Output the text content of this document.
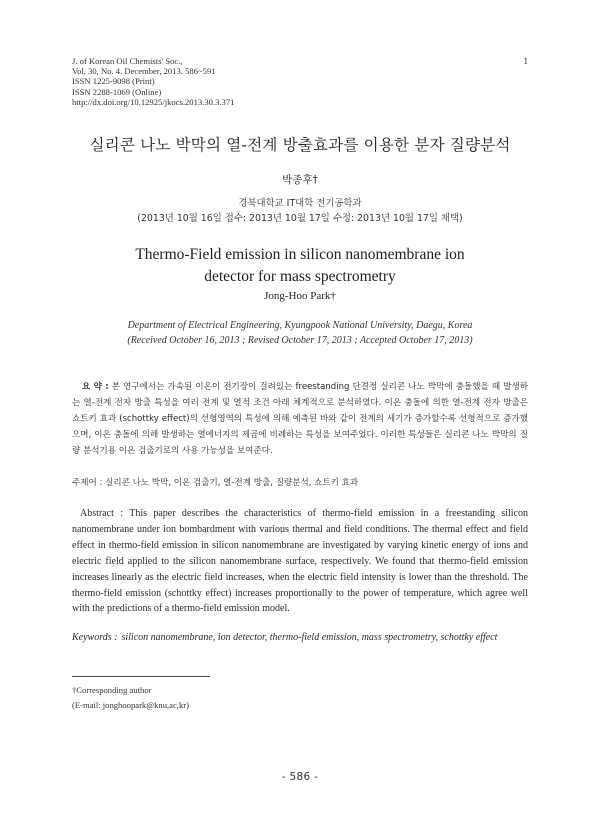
J. of Korean Oil Chemists' Soc.,
Vol. 30, No. 4. December, 2013. 586~591
ISSN 1225-9098 (Print)
ISSN 2288-1069 (Online)
http://dx.doi.org/10.12925/jkocs.2013.30.3.371
1
실리콘 나노 박막의 열-전계 방출효과를 이용한 분자 질량분석
박종후†
경북대학교 IT대학 전기공학과
(2013년 10월 16일 접수: 2013년 10월 17일 수정: 2013년 10월 17일 채택)
Thermo-Field emission in silicon nanomembrane ion
detector for mass spectrometry
Jong-Hoo Park†
Department of Electrical Engineering, Kyungpook National University, Daegu, Korea
(Received October 16, 2013 ; Revised October 17, 2013 ; Accepted October 17, 2013)
요 약 : 본 연구에서는 가속된 이온이 전기장이 걸려있는 freestanding 단결정 실리콘 나노 박막에 충돌했을 때 발생하는 열-전계 전자 방출 특성을 여러 전계 및 열적 조건 아래 체계적으로 분석하였다. 이온 충돌에 의한 열-전계 전자 방출은 쇼트키 효과 (schottky effect)의 선형영역의 특성에 의해 예측된 바와 같이 전계의 세기가 증가할수록 선형적으로 증가했으며, 이온 충돌에 의해 발생하는 열에너지의 제곱에 비례하는 특성을 보여주었다. 이러한 특성들은 실리콘 나노 박막의 질량 분석기용 이온 검출기로의 사용 가능성을 보여준다.
주제어 : 실리콘 나노 박막, 이온 검출기, 열-전계 방출, 질량분석, 쇼트키 효과
Abstract : This paper describes the characteristics of thermo-field emission in a freestanding silicon nanomembrane under ion bombardment with various thermal and field conditions. The thermal effect and field effect in thermo-field emission in silicon nanomembrane are investigated by varying kinetic energy of ions and electric field applied to the silicon nanomembrane surface, respectively. We found that thermo-field emission increases linearly as the electric field increases, when the electric field intensity is lower than the threshold. The thermo-field emission (schottky effect) increases proportionally to the power of temperature, which agree well with the predictions of a thermo-field emission model.
Keywords : silicon nanomembrane, ion detector, thermo-field emission, mass spectrometry, schottky effect
†Corresponding author
(E-mail: jonghoopark@knu,ac,kr)
- 586 -
